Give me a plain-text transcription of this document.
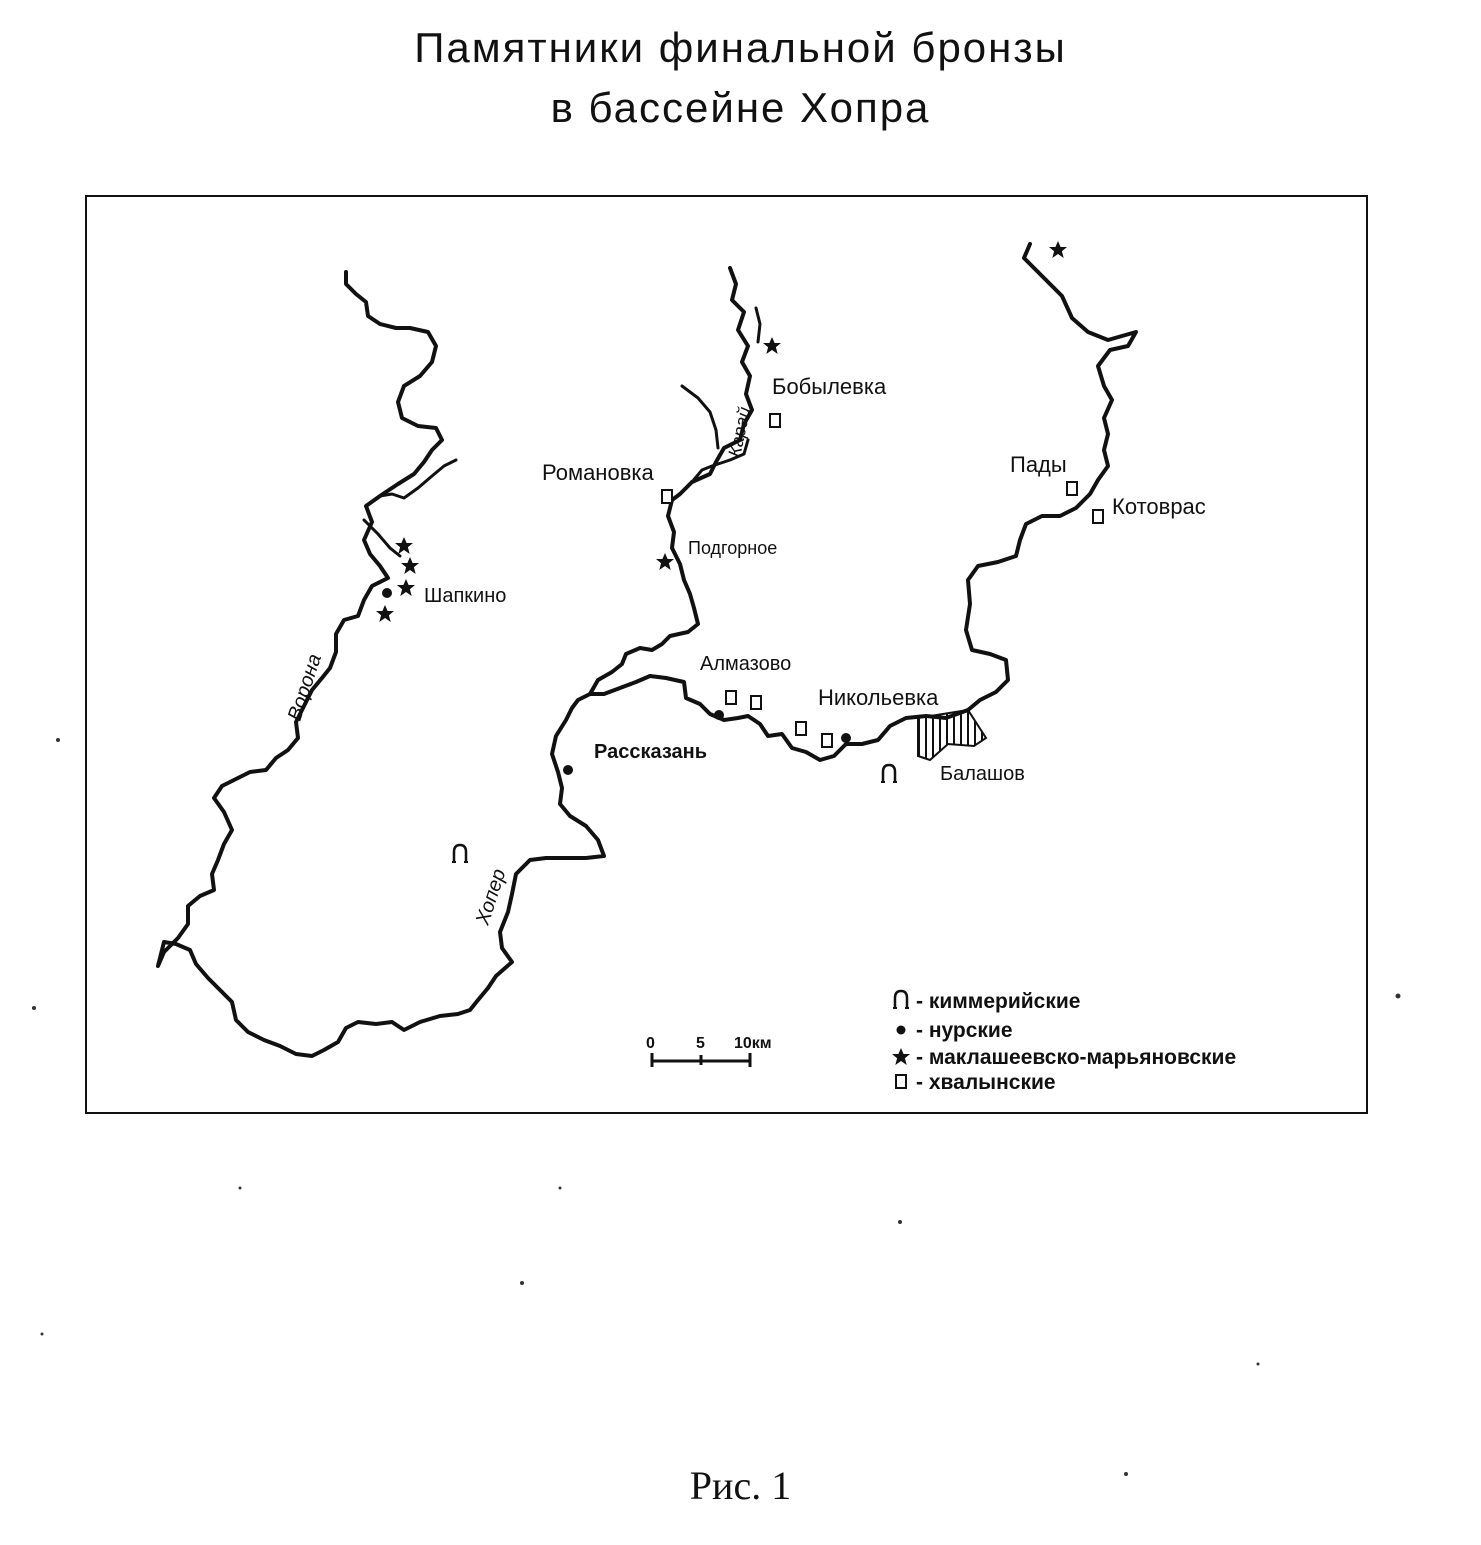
Памятники финальной бронзы
в бассейне Хопра
Бобылевка
Романовка
Подгорное
Шапкино
Алмазово
Никольевка
Рассказань
Балашов
Пады
Котоврас
Ворона
Карай
Хопер
0	5 10км
- киммерийские
- нурские
- маклашеевско-марьяновские
- хвалынские
Рис. 1
